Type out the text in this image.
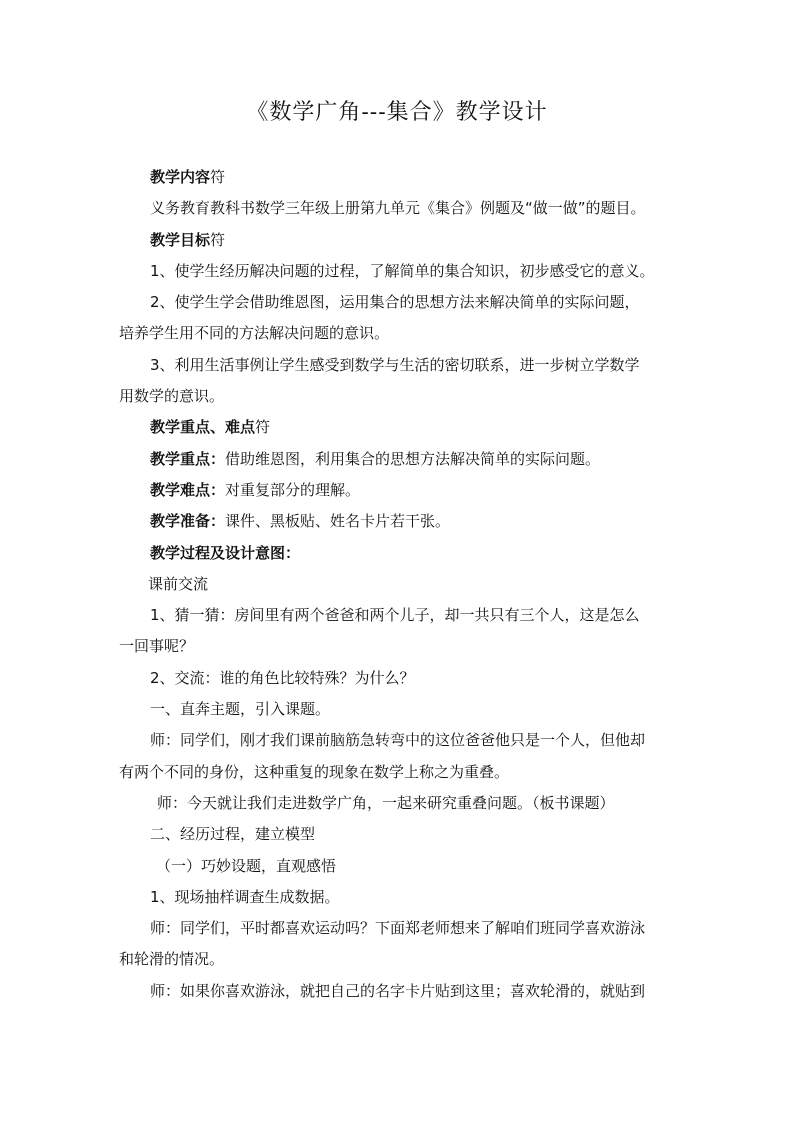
《数学广角---集合》教学设计

教学内容符

义务教育教科书数学三年级上册第九单元《集合》例题及“做一做”的题目。

教学目标符

1、使学生经历解决问题的过程，了解简单的集合知识，初步感受它的意义。

2、使学生学会借助维恩图，运用集合的思想方法来解决简单的实际问题，

培养学生用不同的方法解决问题的意识。

3、利用生活事例让学生感受到数学与生活的密切联系，进一步树立学数学

用数学的意识。

教学重点、难点符

教学重点：借助维恩图，利用集合的思想方法解决简单的实际问题。

教学难点：对重复部分的理解。

教学准备：课件、黑板贴、姓名卡片若干张。

教学过程及设计意图：

课前交流

1、猜一猜：房间里有两个爸爸和两个儿子，却一共只有三个人，这是怎么

一回事呢？

2、交流：谁的角色比较特殊？为什么？

一、直奔主题，引入课题。

师：同学们，刚才我们课前脑筋急转弯中的这位爸爸他只是一个人，但他却

有两个不同的身份，这种重复的现象在数学上称之为重叠。

师：今天就让我们走进数学广角，一起来研究重叠问题。（板书课题）

二、经历过程，建立模型

（一）巧妙设题，直观感悟

1、现场抽样调查生成数据。

师：同学们，平时都喜欢运动吗？下面郑老师想来了解咱们班同学喜欢游泳

和轮滑的情况。

师：如果你喜欢游泳，就把自己的名字卡片贴到这里；喜欢轮滑的，就贴到
